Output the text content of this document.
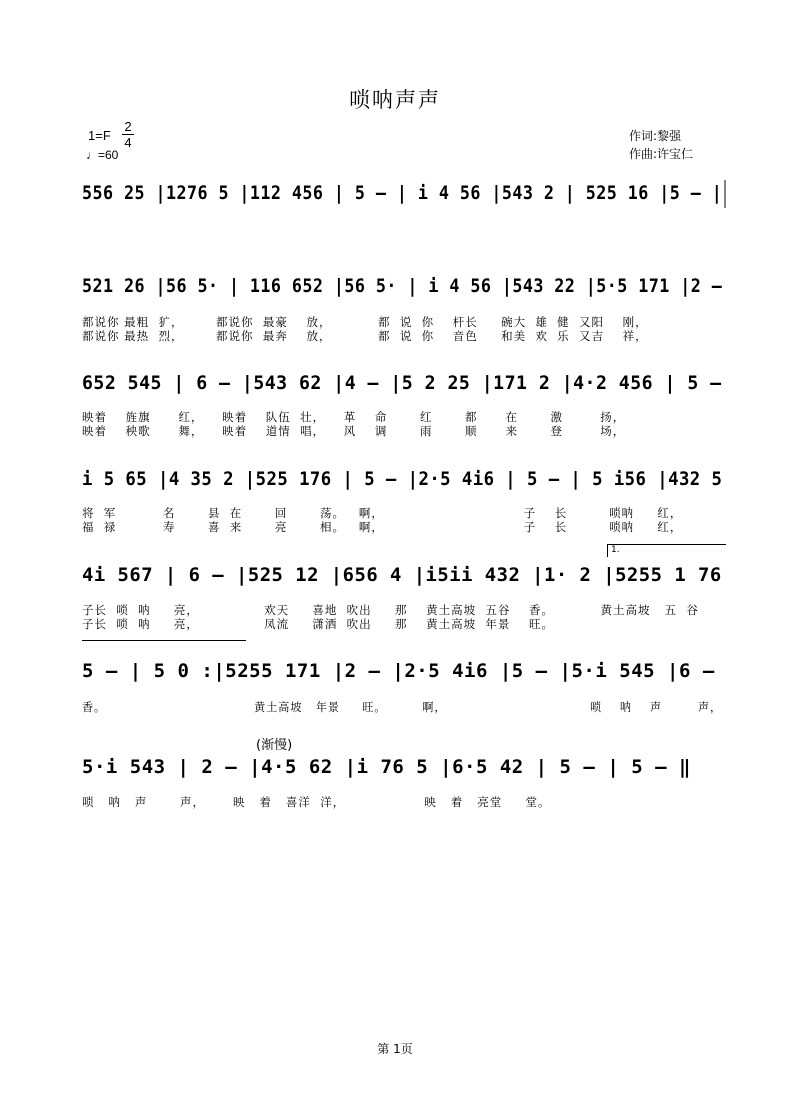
唢呐声声
1=F
2
4
♩=60
作词:黎强
作曲:许宝仁
556 25 |1276 5 |112 456 | 5 – | i 4 56 |543 2 | 525 16 |5 – |
521 26 |56 5· | 116 652 |56 5· | i 4 56 |543 22 |5·5 171 |2 –
都说你 最粗  犷，       都说你  最豪    放，          都  说  你    杆长     碗大  雄  健  又阳    刚，
都说你 最热  烈，       都说你  最奔    放，          都  说  你    音色     和美  欢  乐  又吉    祥，
652 545 | 6 – |543 62 |4 – |5 2 25 |171 2 |4·2 456 | 5 –
映着    旌旗      红，    映着    队伍  壮，    革    命       红       都      在       激        扬，
映着    秧歌      舞，    映着    道情  唱，    风    调       雨       顺      来       登        场，
i 5 65 |4 35 2 |525 176 | 5 – |2·5 4i6 | 5 – | 5 i56 |432 5
将  军          名       县  在       回       荡。   啊，                              子    长         唢呐     红，
福  禄          寿       喜  来       亮       相。   啊，                              子    长         唢呐     红，
1.
4i 567 | 6 – |525 12 |656 4 |i5ii 432 |1· 2 |5255 1 76
子长  唢  呐     亮，              欢天     喜地  吹出     那    黄土高坡  五谷    香。          黄土高坡   五  谷
子长  唢  呐     亮，              凤流     潇洒  吹出     那    黄土高坡  年景    旺。
5 – | 5 0 :|5255 171 |2 – |2·5 4i6 |5 – |5·i 545 |6 –
香。                                 黄土高坡   年景     旺。        啊，                                唢    呐    声        声，
(渐慢)
5·i 543 | 2 – |4·5 62 |i 76 5 |6·5 42 | 5 – | 5 – ‖
唢   呐   声       声，      映   着   喜洋  洋，                 映   着   亮堂     堂。
第 1页
